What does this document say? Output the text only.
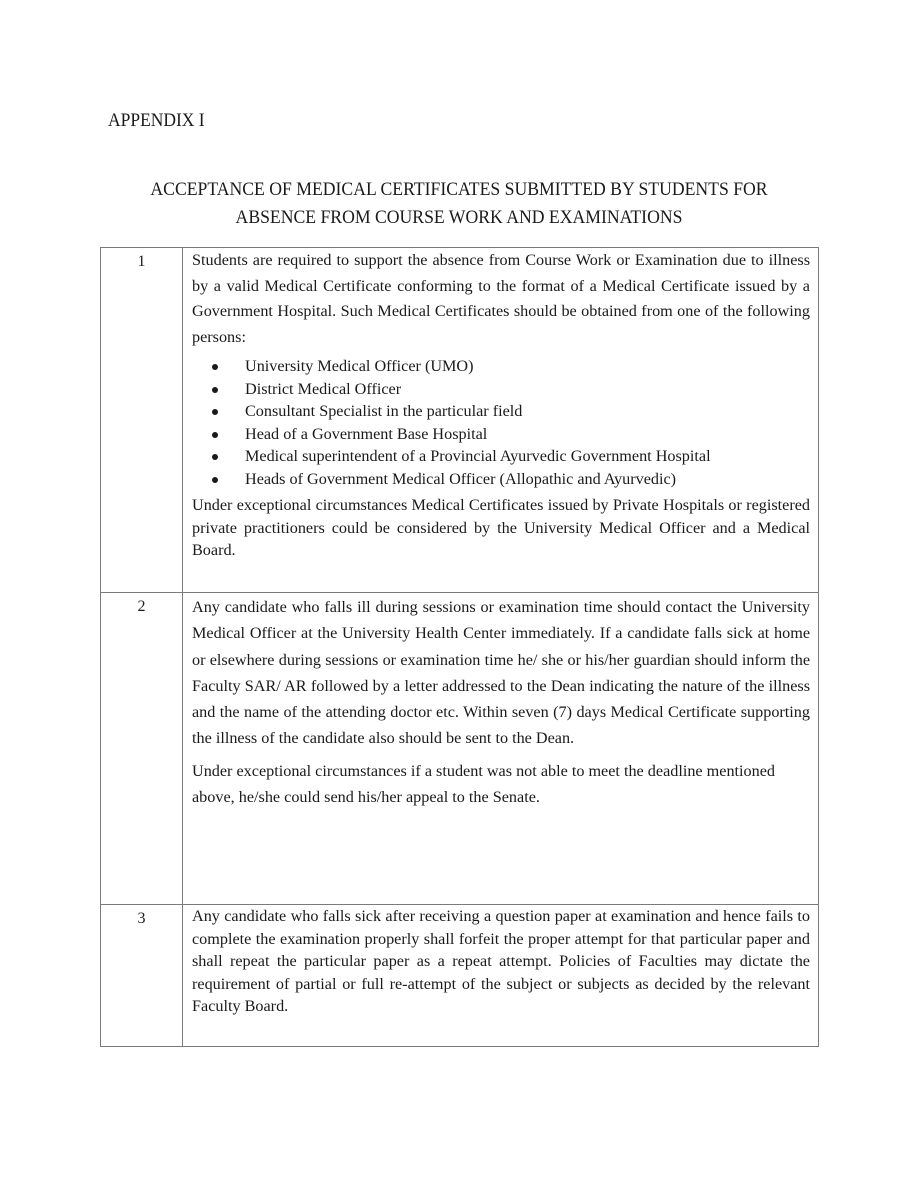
APPENDIX I
ACCEPTANCE OF MEDICAL CERTIFICATES SUBMITTED BY STUDENTS FOR
ABSENCE FROM COURSE WORK AND EXAMINATIONS
1	Students are required to support the absence from Course Work or Examination due to illness by a valid Medical Certificate conforming to the format of a Medical Certificate issued by a Government Hospital. Such Medical Certificates should be obtained from one of the following persons:

University Medical Officer (UMO)
District Medical Officer
Consultant Specialist in the particular field
Head of a Government Base Hospital
Medical superintendent of a Provincial Ayurvedic Government Hospital
Heads of Government Medical Officer (Allopathic and Ayurvedic)

Under exceptional circumstances Medical Certificates issued by Private Hospitals or registered private practitioners could be considered by the University Medical Officer and a Medical Board.

2	Any candidate who falls ill during sessions or examination time should contact the University Medical Officer at the University Health Center immediately. If a candidate falls sick at home or elsewhere during sessions or examination time he/ she or his/her guardian should inform the Faculty SAR/ AR followed by a letter addressed to the Dean indicating the nature of the illness and the name of the attending doctor etc. Within seven (7) days Medical Certificate supporting the illness of the candidate also should be sent to the Dean.

Under exceptional circumstances if a student was not able to meet the deadline mentioned above, he/she could send his/her appeal to the Senate.

3	Any candidate who falls sick after receiving a question paper at examination and hence fails to complete the examination properly shall forfeit the proper attempt for that particular paper and shall repeat the particular paper as a repeat attempt. Policies of Faculties may dictate the requirement of partial or full re-attempt of the subject or subjects as decided by the relevant Faculty Board.
